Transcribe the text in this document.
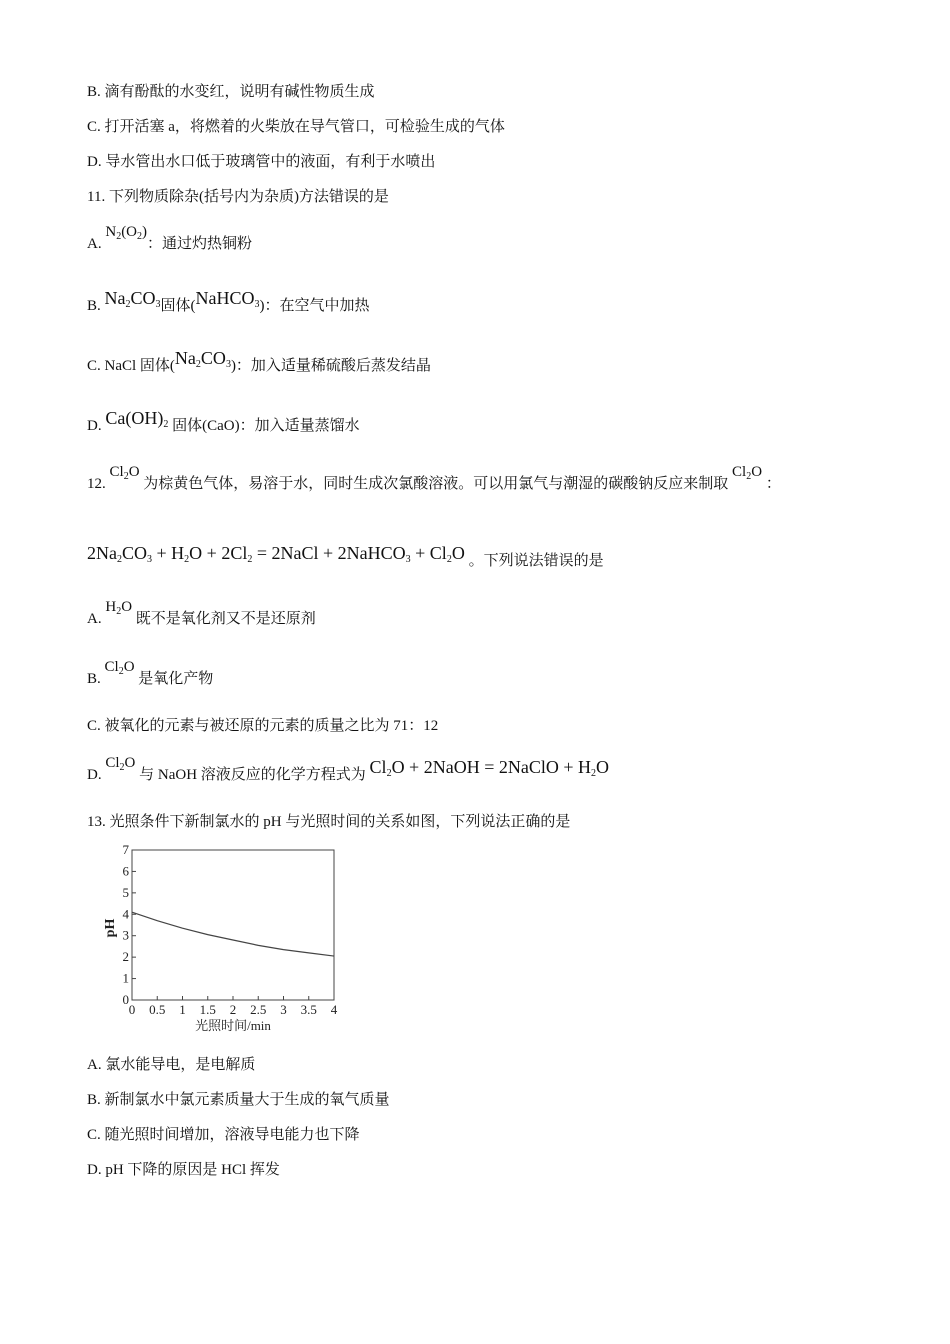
B. 滴有酚酞的水变红，说明有碱性物质生成
C. 打开活塞 a，将燃着的火柴放在导气管口，可检验生成的气体
D. 导水管出水口低于玻璃管中的液面，有利于水喷出
11. 下列物质除杂(括号内为杂质)方法错误的是
A. $N_2(O_2)$：通过灼热铜粉
B. $Na_2CO_3$固体(NaHCO$_3$)：在空气中加热
C. NaCl 固体$(Na_2CO_3)$：加入适量稀硫酸后蒸发结晶
D. $Ca(OH)_2$ 固体(CaO)：加入适量蒸馏水
12. $Cl_2O$ 为棕黄色气体，易溶于水，同时生成次氯酸溶液。可以用氯气与潮湿的碳酸钠反应来制取 $Cl_2O$ ：
$2Na_2CO_3 + H_2O + 2Cl_2$ = 2NaCl + 2NaHCO$_3$ + $Cl_2O$ 。下列说法错误的是
A. $H_2O$ 既不是氧化剂又不是还原剂
B. $Cl_2O$ 是氧化产物
C. 被氧化的元素与被还原的元素的质量之比为 71：12
D. $Cl_2O$ 与 NaOH 溶液反应的化学方程式为 $Cl_2O$ + 2NaOH = 2NaClO + $H_2O$
13. 光照条件下新制氯水的 pH 与光照时间的关系如图，下列说法正确的是
0
1
2
3
4
5
6
7
0 0.5 1 1.5 2 2.5 3 3.5 4
pH
光照时间/min
A. 氯水能导电，是电解质
B. 新制氯水中氯元素质量大于生成的氧气质量
C. 随光照时间增加，溶液导电能力也下降
D. pH 下降的原因是 HCl 挥发
